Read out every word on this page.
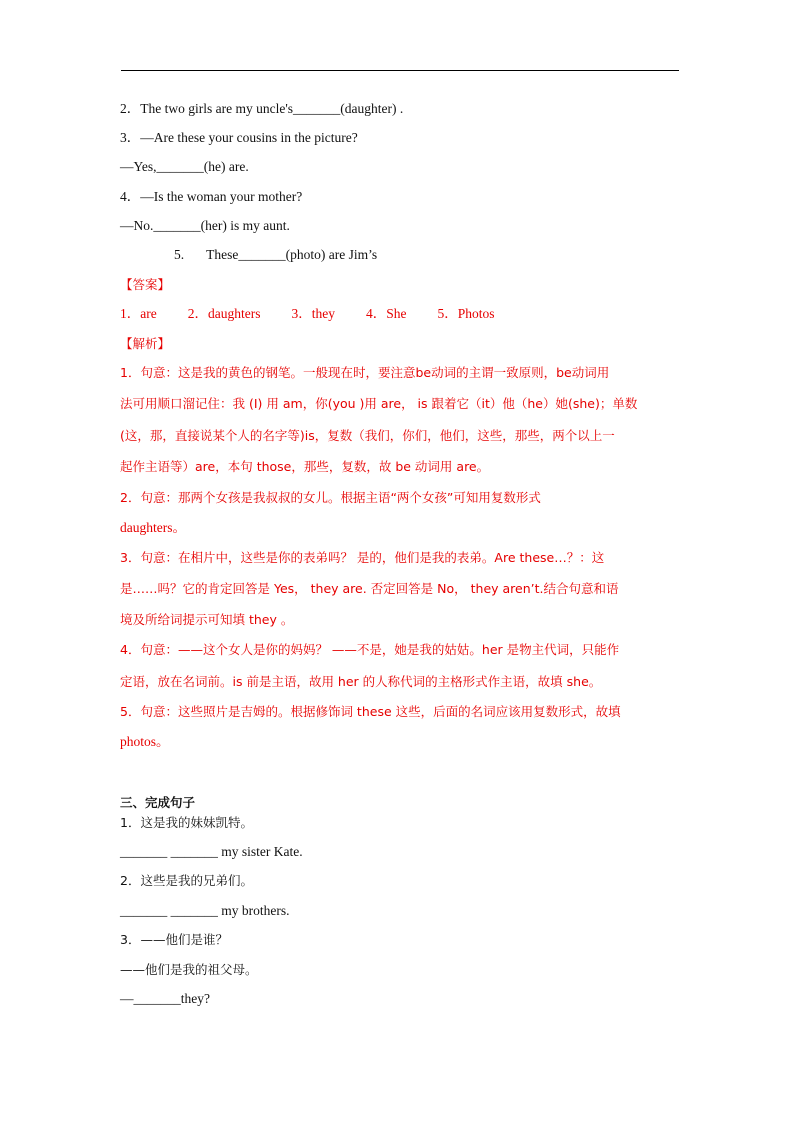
2．The two girls are my uncle's_______(daughter) .
3．—Are these your cousins in the picture?
—Yes,_______(he) are.
4．—Is the woman your mother?
—No._______(her) is my aunt.
5. These_______(photo) are Jim’s
【答案】
1．are 2．daughters 3．they 4．She 5．Photos
【解析】
1．句意：这是我的黄色的钢笔。一般现在时，要注意be动词的主谓一致原则，be动词用
法可用顺口溜记住：我 (I) 用 am，你(you )用 are， is 跟着它（it）他（he）她(she)；单数
(这，那，直接说某个人的名字等)is，复数（我们，你们，他们，这些，那些，两个以上一
起作主语等）are，本句 those，那些，复数，故 be 动词用 are。
2．句意：那两个女孩是我叔叔的女儿。根据主语“两个女孩”可知用复数形式
daughters。
3．句意：在相片中，这些是你的表弟吗？ 是的，他们是我的表弟。Are these…？：这
是……吗？它的肯定回答是 Yes， they are. 否定回答是 No， they aren’t.结合句意和语
境及所给词提示可知填 they 。
4．句意：——这个女人是你的妈妈？ ——不是，她是我的姑姑。her 是物主代词，只能作
定语，放在名词前。is 前是主语，故用 her 的人称代词的主格形式作主语，故填 she。
5．句意：这些照片是吉姆的。根据修饰词 these 这些，后面的名词应该用复数形式，故填
photos。
三、完成句子
1．这是我的妹妹凯特。
_______ _______ my sister Kate.
2．这些是我的兄弟们。
_______ _______ my brothers.
3．——他们是谁？
——他们是我的祖父母。
—_______they?
